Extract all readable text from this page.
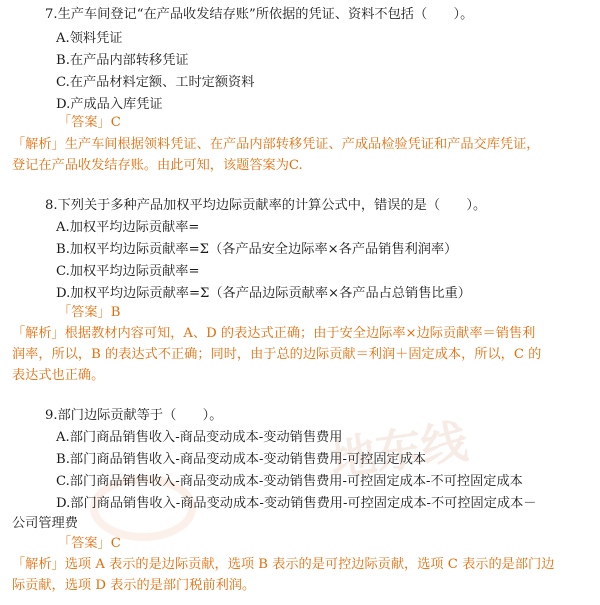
地东线
7.生产车间登记“在产品收发结存账”所依据的凭证、资料不包括（　　）。
A.领料凭证
B.在产品内部转移凭证
C.在产品材料定额、工时定额资料
D.产成品入库凭证
「答案」C
「解析」生产车间根据领料凭证、在产品内部转移凭证、产成品检验凭证和产品交库凭证，
登记在产品收发结存账。由此可知，该题答案为C.
8.下列关于多种产品加权平均边际贡献率的计算公式中，错误的是（　　）。
A.加权平均边际贡献率=
B.加权平均边际贡献率=Σ（各产品安全边际率×各产品销售利润率）
C.加权平均边际贡献率=
D.加权平均边际贡献率=Σ（各产品边际贡献率×各产品占总销售比重）
「答案」B
「解析」根据教材内容可知，A、D 的表达式正确；由于安全边际率×边际贡献率＝销售利
润率，所以，B 的表达式不正确；同时，由于总的边际贡献＝利润＋固定成本，所以，C 的
表达式也正确。
9.部门边际贡献等于（　　）。
A.部门商品销售收入-商品变动成本-变动销售费用
B.部门商品销售收入-商品变动成本-变动销售费用-可控固定成本
C.部门商品销售收入-商品变动成本-变动销售费用-可控固定成本-不可控固定成本
D.部门商品销售收入-商品变动成本-变动销售费用-可控固定成本-不可控固定成本－
公司管理费
「答案」C
「解析」选项 A 表示的是边际贡献，选项 B 表示的是可控边际贡献，选项 C 表示的是部门边
际贡献，选项 D 表示的是部门税前利润。
